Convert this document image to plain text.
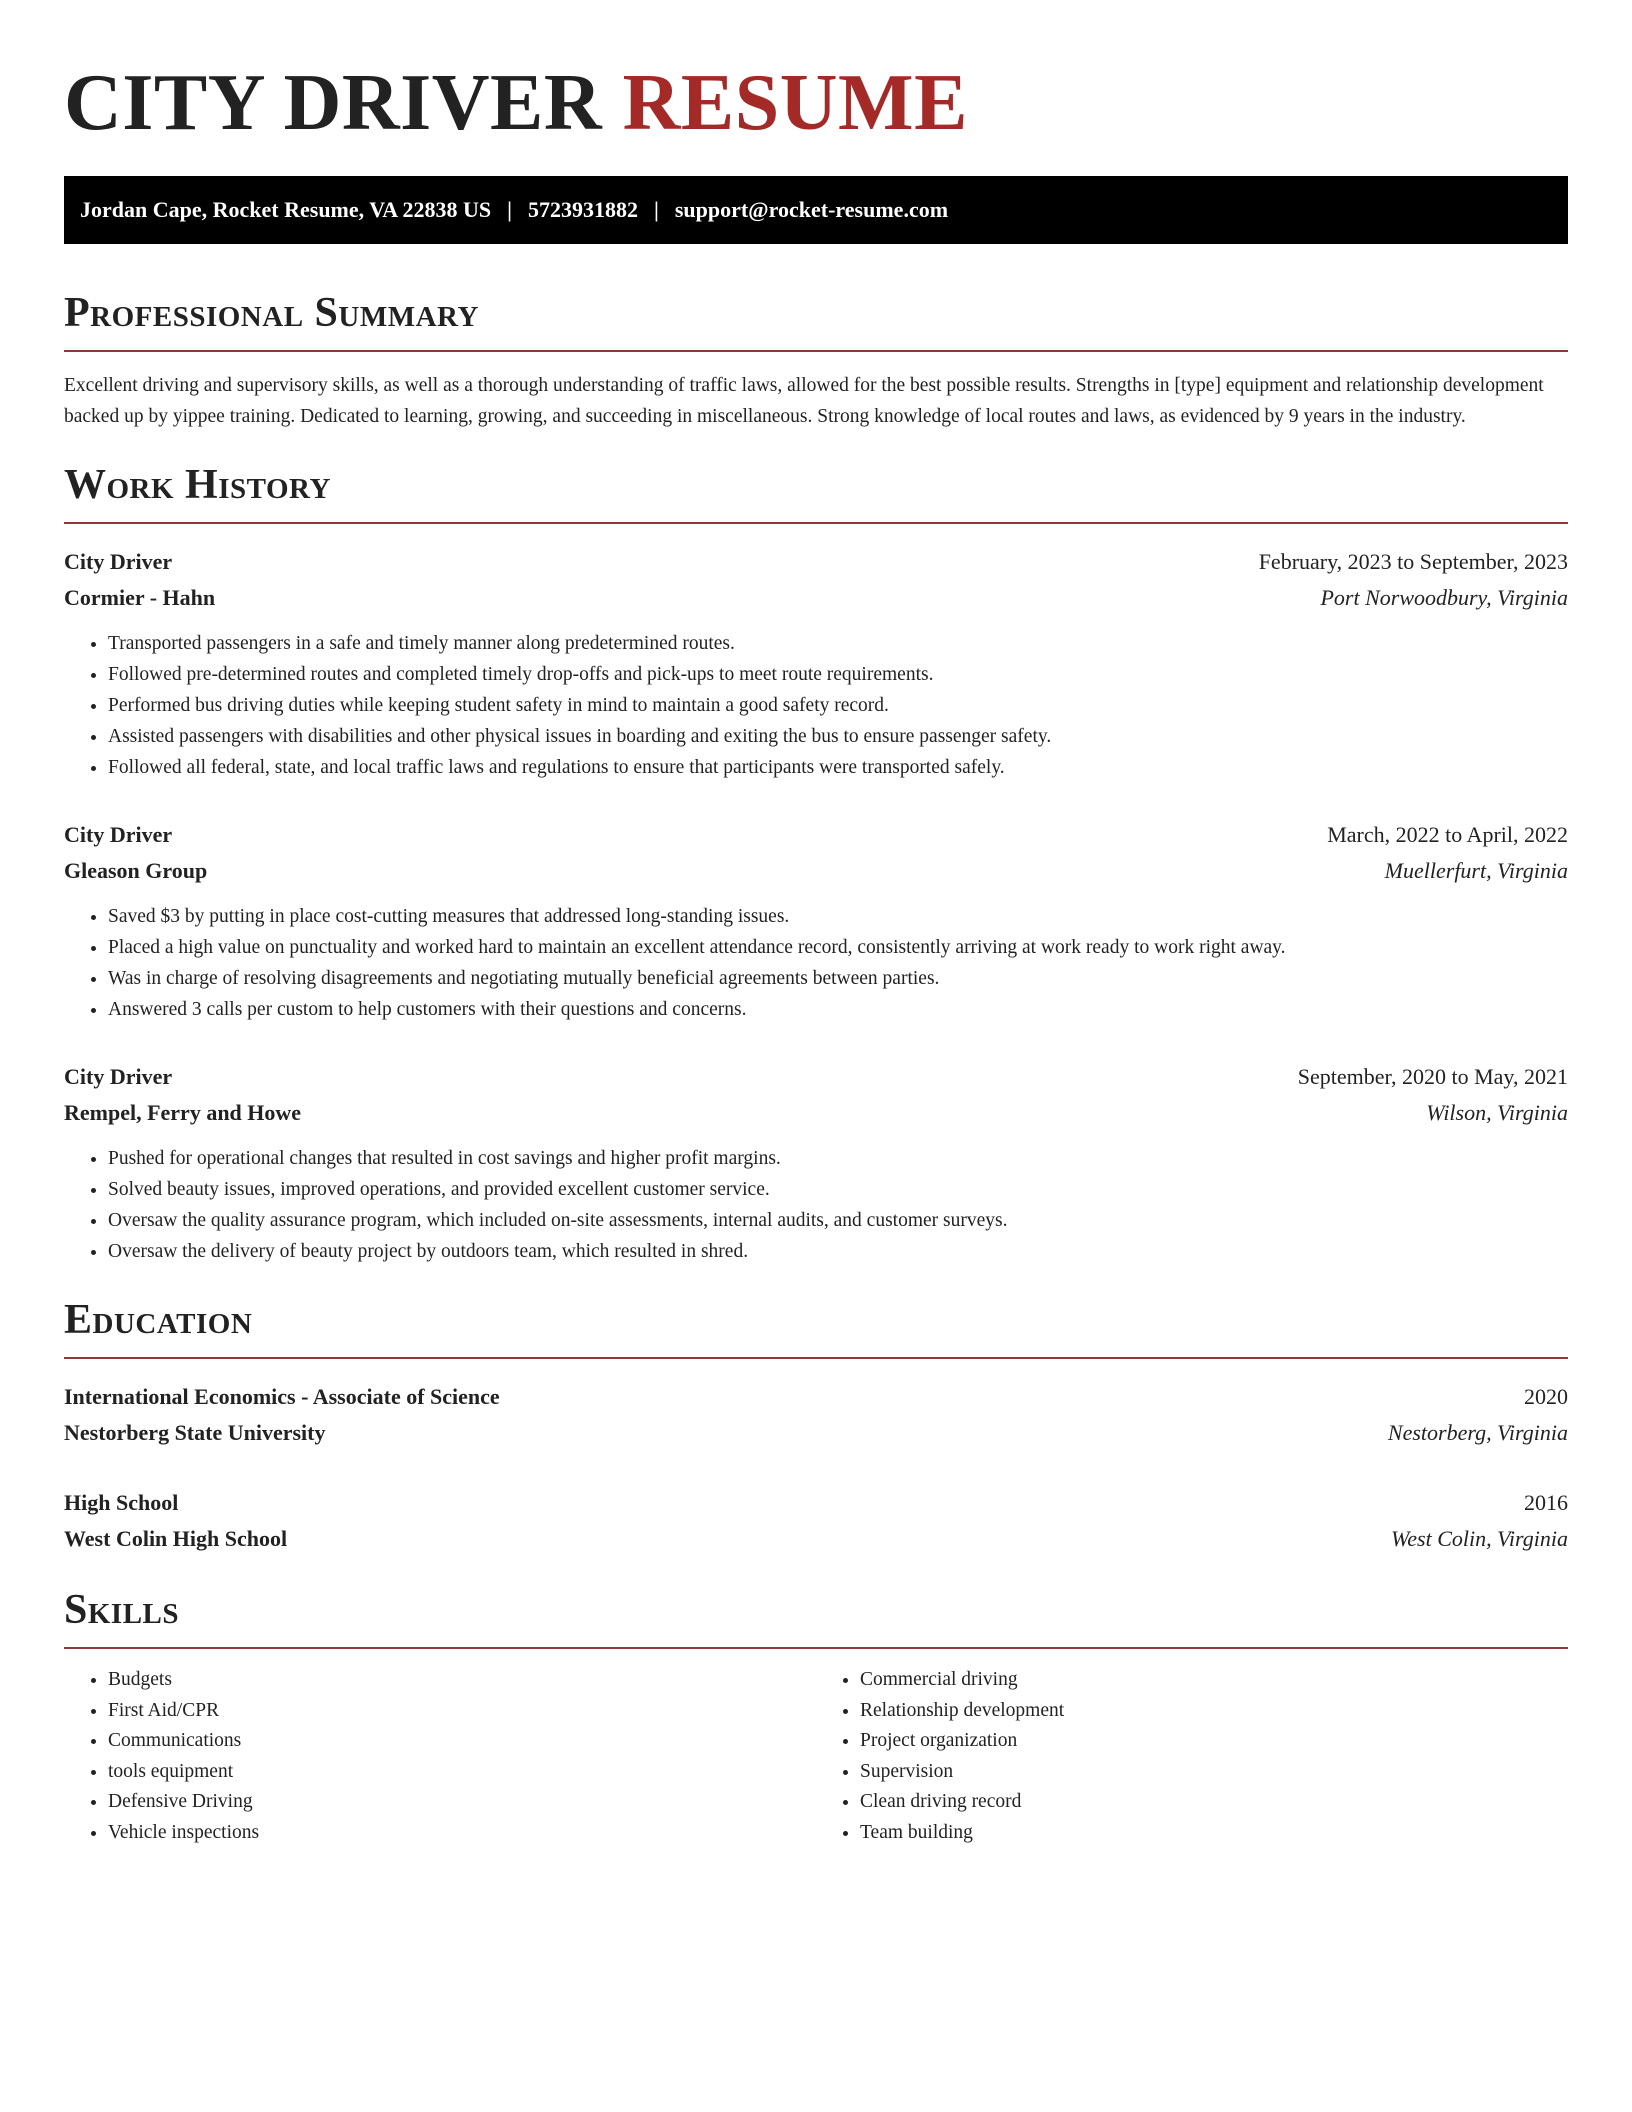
CITY DRIVER RESUME
Jordan Cape, Rocket Resume, VA 22838 US | 5723931882 | support@rocket-resume.com
Professional Summary

Excellent driving and supervisory skills, as well as a thorough understanding of traffic laws, allowed for the best possible results. Strengths in [type] equipment and relationship development backed up by yippee training. Dedicated to learning, growing, and succeeding in miscellaneous. Strong knowledge of local routes and laws, as evidenced by 9 years in the industry.

Work History
City Driver	February, 2023 to September, 2023
Cormier - Hahn	Port Norwoodbury, Virginia
• Transported passengers in a safe and timely manner along predetermined routes.
• Followed pre-determined routes and completed timely drop-offs and pick-ups to meet route requirements.
• Performed bus driving duties while keeping student safety in mind to maintain a good safety record.
• Assisted passengers with disabilities and other physical issues in boarding and exiting the bus to ensure passenger safety.
• Followed all federal, state, and local traffic laws and regulations to ensure that participants were transported safely.
City Driver	March, 2022 to April, 2022
Gleason Group	Muellerfurt, Virginia
• Saved $3 by putting in place cost-cutting measures that addressed long-standing issues.
• Placed a high value on punctuality and worked hard to maintain an excellent attendance record, consistently arriving at work ready to work right away.
• Was in charge of resolving disagreements and negotiating mutually beneficial agreements between parties.
• Answered 3 calls per custom to help customers with their questions and concerns.
City Driver	September, 2020 to May, 2021
Rempel, Ferry and Howe	Wilson, Virginia
• Pushed for operational changes that resulted in cost savings and higher profit margins.
• Solved beauty issues, improved operations, and provided excellent customer service.
• Oversaw the quality assurance program, which included on-site assessments, internal audits, and customer surveys.
• Oversaw the delivery of beauty project by outdoors team, which resulted in shred.
Education
International Economics - Associate of Science	2020
Nestorberg State University	Nestorberg, Virginia
High School	2016
West Colin High School	West Colin, Virginia
Skills
• Budgets
• First Aid/CPR
• Communications
• tools equipment
• Defensive Driving
• Vehicle inspections
• Commercial driving
• Relationship development
• Project organization
• Supervision
• Clean driving record
• Team building
